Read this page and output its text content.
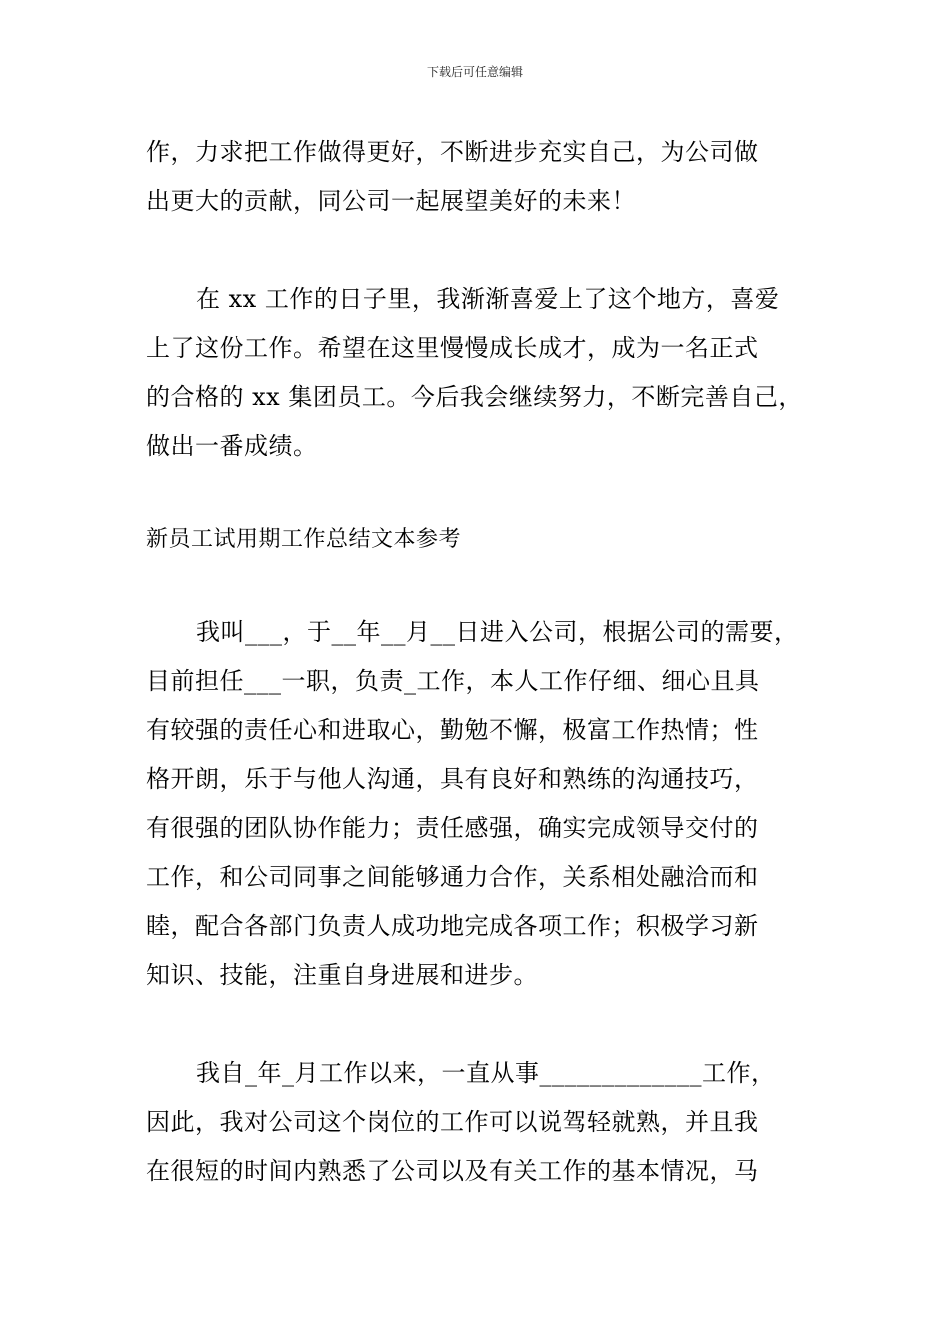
下载后可任意编辑
作，力求把工作做得更好，不断进步充实自己，为公司做
出更大的贡献，同公司一起展望美好的未来！
在 xx 工作的日子里，我渐渐喜爱上了这个地方，喜爱
上了这份工作。希望在这里慢慢成长成才，成为一名正式
的合格的 xx 集团员工。今后我会继续努力，不断完善自己，
做出一番成绩。
新员工试用期工作总结文本参考
我叫___，于__年__月__日进入公司，根据公司的需要，
目前担任___一职，负责_工作，本人工作仔细、细心且具
有较强的责任心和进取心，勤勉不懈，极富工作热情；性
格开朗，乐于与他人沟通，具有良好和熟练的沟通技巧，
有很强的团队协作能力；责任感强，确实完成领导交付的
工作，和公司同事之间能够通力合作，关系相处融洽而和
睦，配合各部门负责人成功地完成各项工作；积极学习新
知识、技能，注重自身进展和进步。
我自_年_月工作以来，一直从事_____________工作，
因此，我对公司这个岗位的工作可以说驾轻就熟，并且我
在很短的时间内熟悉了公司以及有关工作的基本情况，马
